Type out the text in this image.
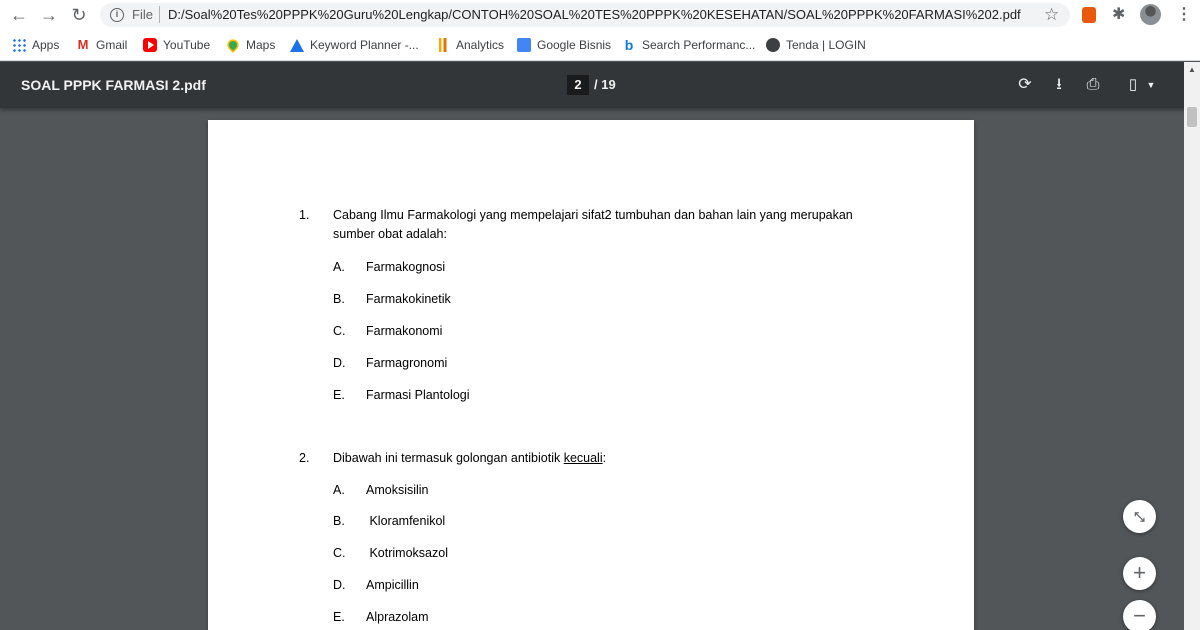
← → ↻	i	File D:/Soal%20Tes%20PPPK%20Guru%20Lengkap/CONTOH%20SOAL%20TES%20PPPK%20KESEHATAN/SOAL%20PPPK%20FARMASI%202.pdf ☆	✱	⋮
Apps M Gmail	YouTube	Maps	Keyword Planner -...	Analytics	Google Bisnis b Search Performanc...	Tenda | LOGIN
SOAL PPPK FARMASI 2.pdf	2 / 19	⟳	⭳	⎙	▯	▼
▲
1. Cabang Ilmu Farmakologi yang mempelajari sifat2 tumbuhan dan bahan lain yang merupakan
sumber obat adalah:
A. Farmakognosi
B. Farmakokinetik
C. Farmakonomi
D. Farmagronomi
E. Farmasi Plantologi
2. Dibawah ini termasuk golongan antibiotik kecuali:
A. Amoksisilin
B. Kloramfenikol
C. Kotrimoksazol
D. Ampicillin
E. Alprazolam
⤡
+
−
